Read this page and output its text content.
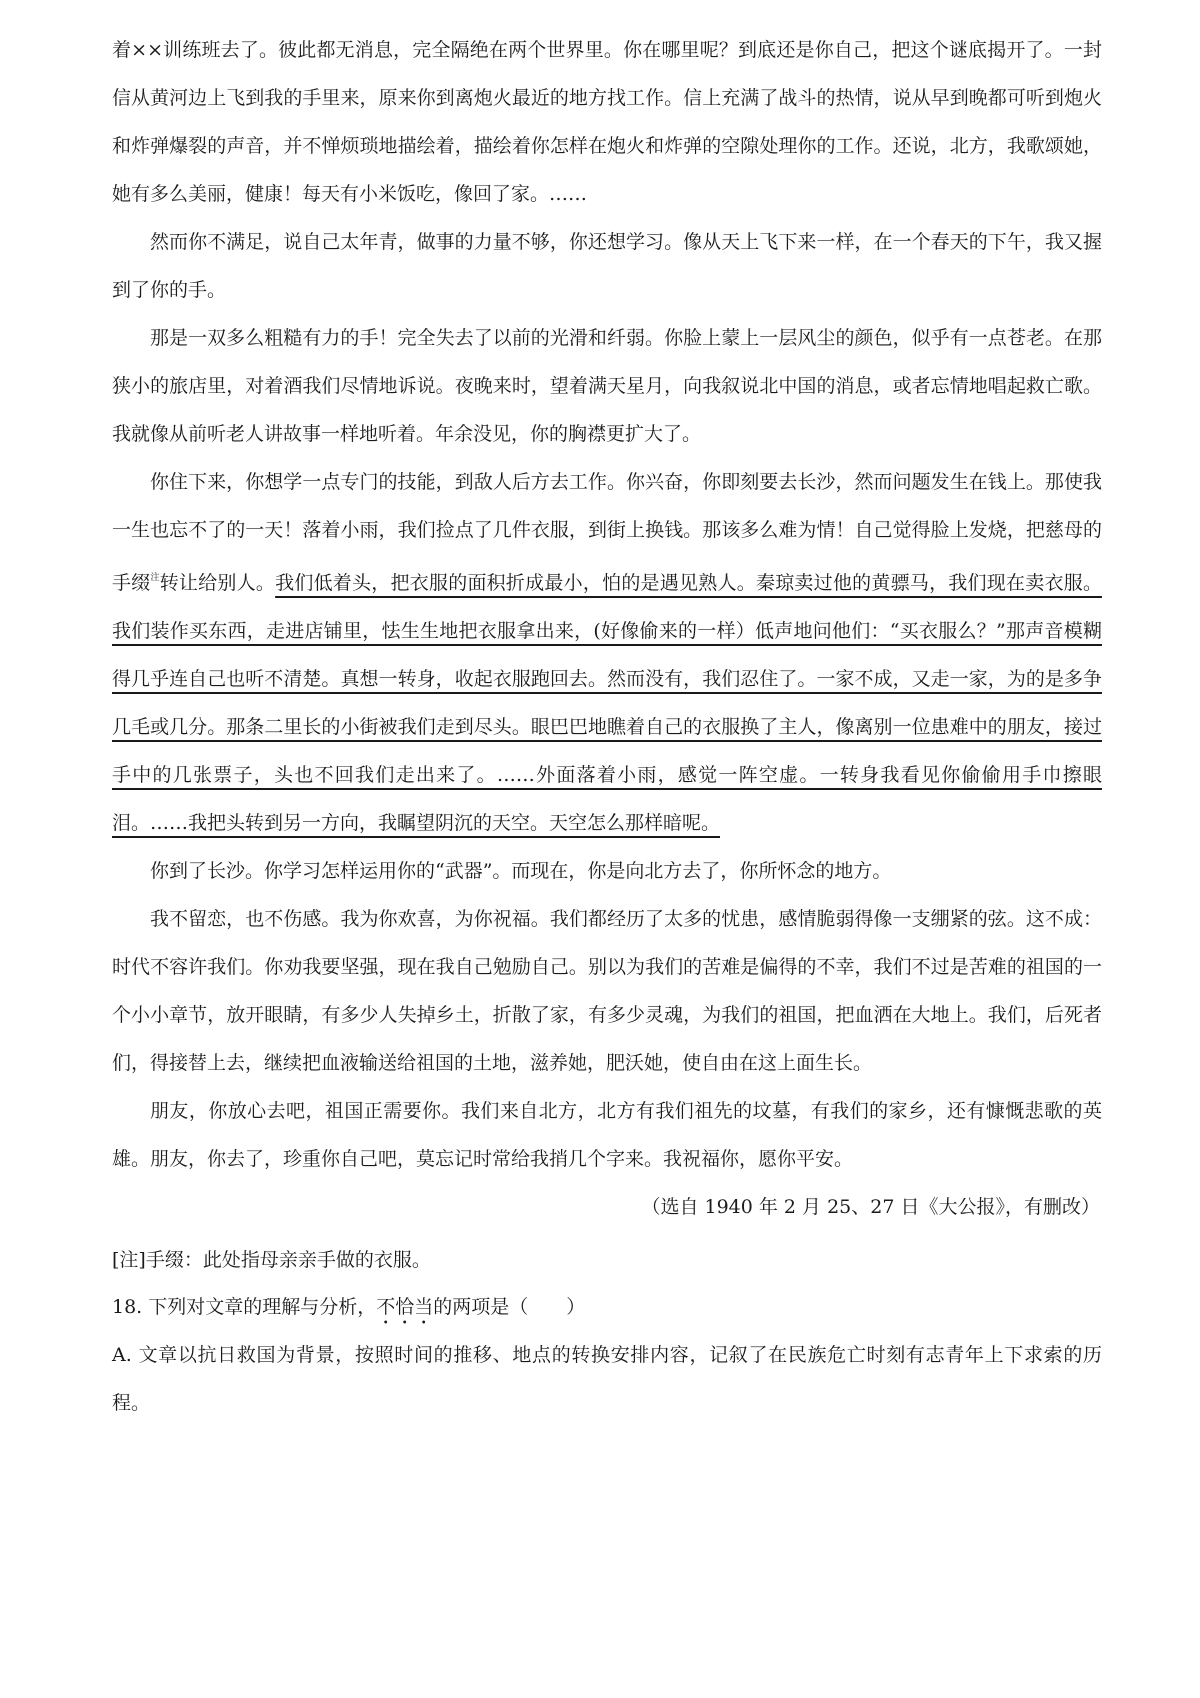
着××训练班去了。彼此都无消息，完全隔绝在两个世界里。你在哪里呢？到底还是你自己，把这个谜底揭开了。一封信从黄河边上飞到我的手里来，原来你到离炮火最近的地方找工作。信上充满了战斗的热情，说从早到晚都可听到炮火和炸弹爆裂的声音，并不惮烦琐地描绘着，描绘着你怎样在炮火和炸弹的空隙处理你的工作。还说，北方，我歌颂她，她有多么美丽，健康！每天有小米饭吃，像回了家。……

然而你不满足，说自己太年青，做事的力量不够，你还想学习。像从天上飞下来一样，在一个春天的下午，我又握到了你的手。

那是一双多么粗糙有力的手！完全失去了以前的光滑和纤弱。你脸上蒙上一层风尘的颜色，似乎有一点苍老。在那狭小的旅店里，对着酒我们尽情地诉说。夜晚来时，望着满天星月，向我叙说北中国的消息，或者忘情地唱起救亡歌。我就像从前听老人讲故事一样地听着。年余没见，你的胸襟更扩大了。

你住下来，你想学一点专门的技能，到敌人后方去工作。你兴奋，你即刻要去长沙，然而问题发生在钱上。那使我一生也忘不了的一天！落着小雨，我们捡点了几件衣服，到街上换钱。那该多么难为情！自己觉得脸上发烧，把慈母的手缀$^注$转让给别人。我们低着头，把衣服的面积折成最小，怕的是遇见熟人。秦琼卖过他的黄骠马，我们现在卖衣服。我们装作买东西，走进店铺里，怯生生地把衣服拿出来，(好像偷来的一样）低声地问他们：“买衣服么？”那声音模糊得几乎连自己也听不清楚。真想一转身，收起衣服跑回去。然而没有，我们忍住了。一家不成，又走一家，为的是多争几毛或几分。那条二里长的小街被我们走到尽头。眼巴巴地瞧着自己的衣服换了主人，像离别一位患难中的朋友，接过手中的几张票子，头也不回我们走出来了。……外面落着小雨，感觉一阵空虚。一转身我看见你偷偷用手巾擦眼泪。……我把头转到另一方向，我瞩望阴沉的天空。天空怎么那样暗呢。

你到了长沙。你学习怎样运用你的“武器”。而现在，你是向北方去了，你所怀念的地方。

我不留恋，也不伤感。我为你欢喜，为你祝福。我们都经历了太多的忧患，感情脆弱得像一支绷紧的弦。这不成：时代不容许我们。你劝我要坚强，现在我自己勉励自己。别以为我们的苦难是偏得的不幸，我们不过是苦难的祖国的一个小小章节，放开眼睛，有多少人失掉乡土，折散了家，有多少灵魂，为我们的祖国，把血洒在大地上。我们，后死者们，得接替上去，继续把血液输送给祖国的土地，滋养她，肥沃她，使自由在这上面生长。

朋友，你放心去吧，祖国正需要你。我们来自北方，北方有我们祖先的坟墓，有我们的家乡，还有慷慨悲歌的英雄。朋友，你去了，珍重你自己吧，莫忘记时常给我捎几个字来。我祝福你，愿你平安。

（选自 1940 年 2 月 25、27 日《大公报》，有删改）

[注]手缀：此处指母亲亲手做的衣服。

18. 下列对文章的理解与分析，不恰当的两项是（　　）

A. 文章以抗日救国为背景，按照时间的推移、地点的转换安排内容，记叙了在民族危亡时刻有志青年上下求索的历程。
